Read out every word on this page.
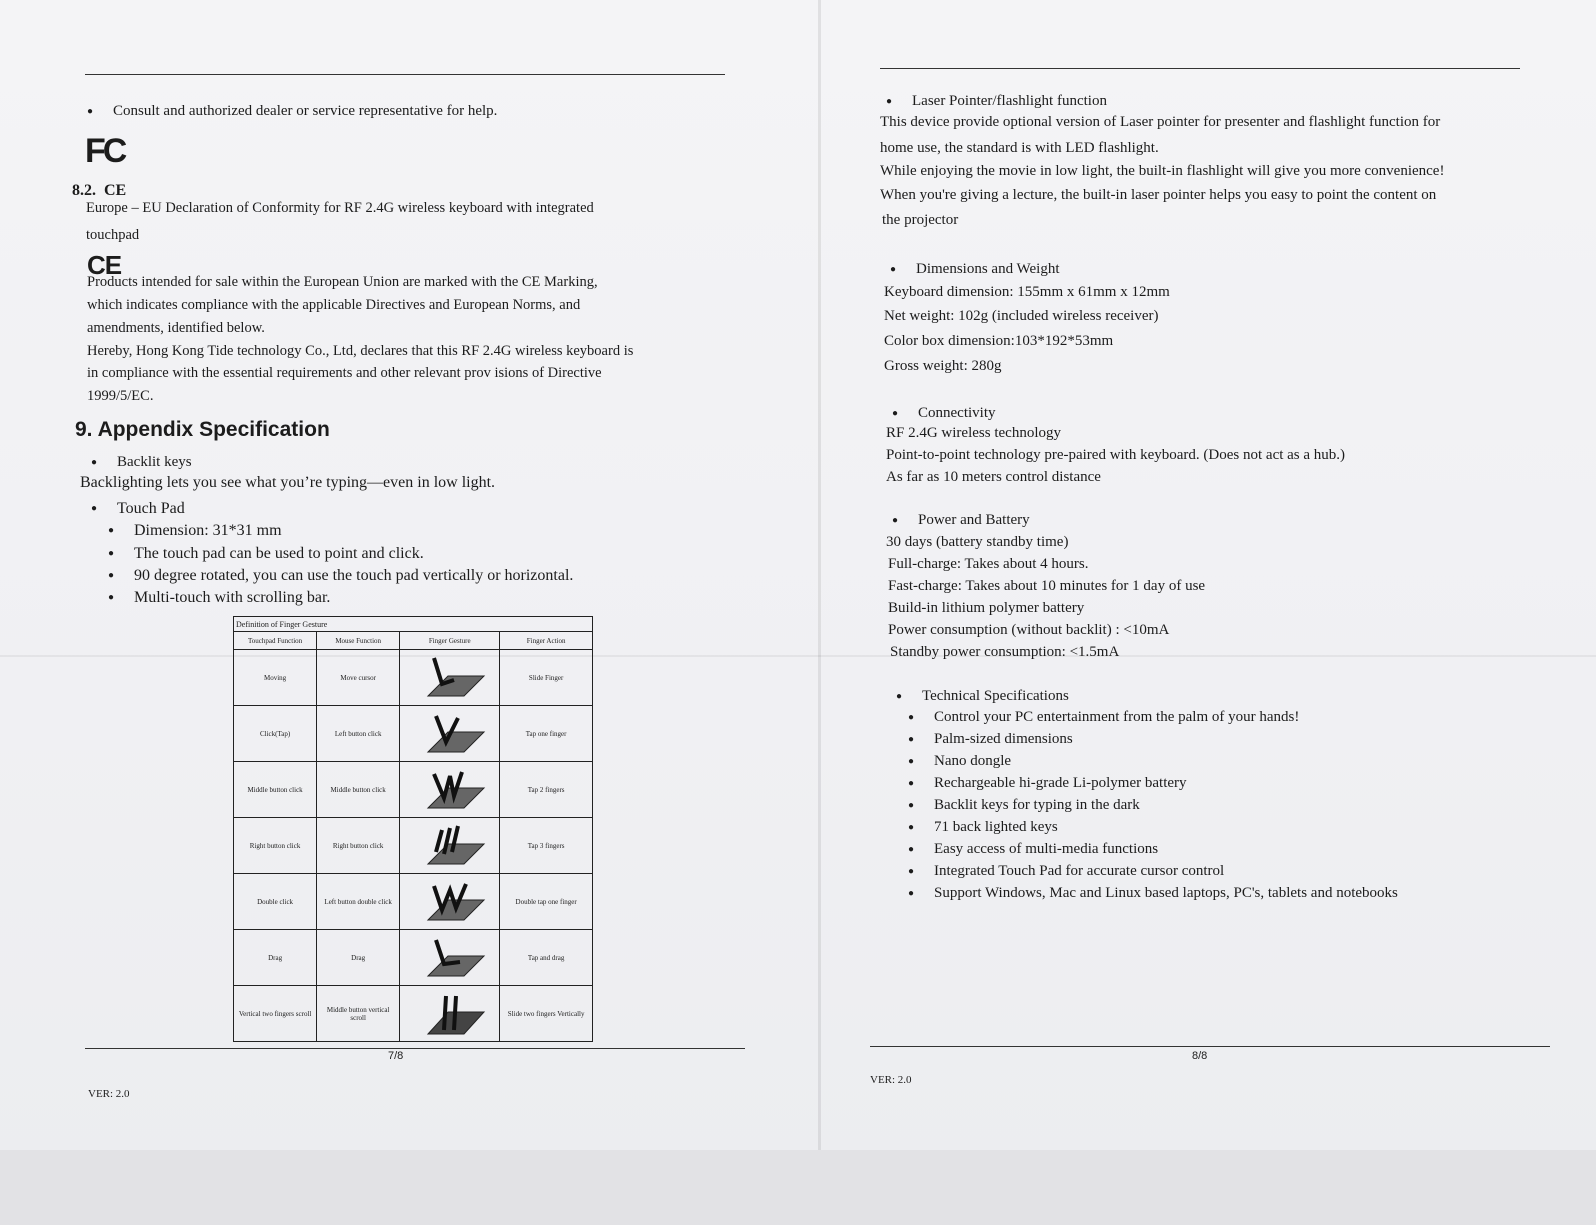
● Consult and authorized dealer or service representative for help.
FC
8.2. CE
Europe – EU Declaration of Conformity for RF 2.4G wireless keyboard with integrated
touchpad
CE
Products intended for sale within the European Union are marked with the CE Marking,
which indicates compliance with the applicable Directives and European Norms, and
amendments, identified below.
Hereby, Hong Kong Tide technology Co., Ltd, declares that this RF 2.4G wireless keyboard is
in compliance with the essential requirements and other relevant prov isions of Directive
1999/5/EC.
9. Appendix Specification
● Backlit keys
Backlighting lets you see what you’re typing—even in low light.
● Touch Pad
● Dimension: 31*31 mm
● The touch pad can be used to point and click.
● 90 degree rotated, you can use the touch pad vertically or horizontal.
● Multi-touch with scrolling bar.
Definition of Finger Gesture			
Touchpad Function	Mouse Function	Finger Gesture	Finger Action
Moving	Move cursor		Slide Finger
Click(Tap)	Left button click		Tap one finger
Middle button click	Middle button click		Tap 2 fingers
Right button click	Right button click		Tap 3 fingers
Double click	Left button double click		Double tap one finger
Drag	Drag		Tap and drag
Vertical two fingers scroll	Middle button vertical scroll		Slide two fingers Vertically
7/8
VER: 2.0
● Laser Pointer/flashlight function
This device provide optional version of Laser pointer for presenter and flashlight function for
home use, the standard is with LED flashlight.
While enjoying the movie in low light, the built-in flashlight will give you more convenience!
When you're giving a lecture, the built-in laser pointer helps you easy to point the content on
the projector
● Dimensions and Weight
Keyboard dimension: 155mm x 61mm x 12mm
Net weight: 102g (included wireless receiver)
Color box dimension:103*192*53mm
Gross weight: 280g
● Connectivity
RF 2.4G wireless technology
Point-to-point technology pre-paired with keyboard. (Does not act as a hub.)
As far as 10 meters control distance
● Power and Battery
30 days (battery standby time)
Full-charge: Takes about 4 hours.
Fast-charge: Takes about 10 minutes for 1 day of use
Build-in lithium polymer battery
Power consumption (without backlit) : <10mA
Standby power consumption: <1.5mA
● Technical Specifications
● Control your PC entertainment from the palm of your hands!
● Palm-sized dimensions
● Nano dongle
● Rechargeable hi-grade Li-polymer battery
● Backlit keys for typing in the dark
● 71 back lighted keys
● Easy access of multi-media functions
● Integrated Touch Pad for accurate cursor control
● Support Windows, Mac and Linux based laptops, PC's, tablets and notebooks
8/8
VER: 2.0
